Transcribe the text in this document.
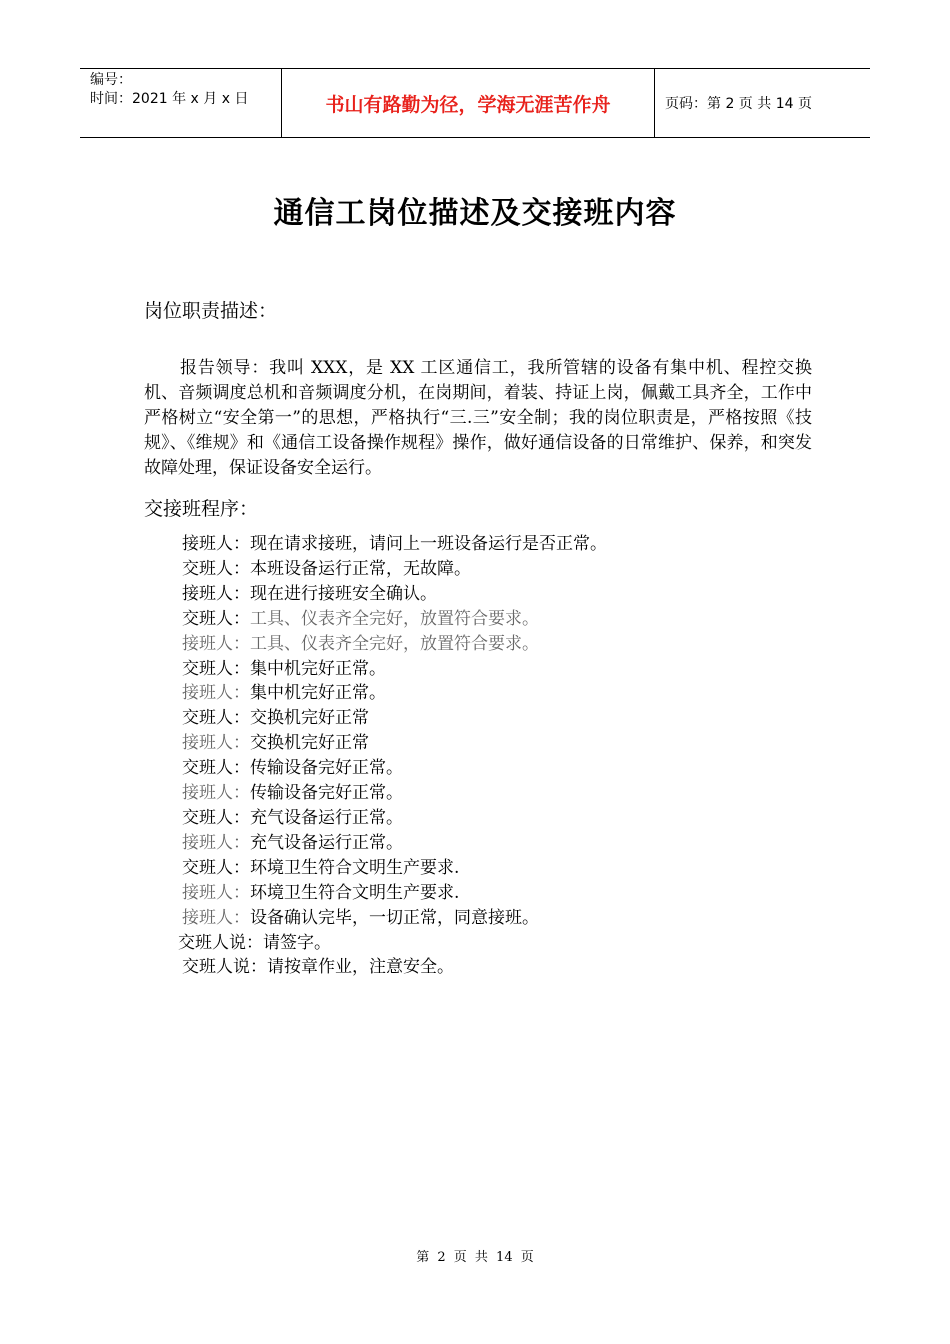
编号：
时间：2021 年 x 月 x 日	书山有路勤为径，学海无涯苦作舟	页码：第 2 页 共 14 页
通信工岗位描述及交接班内容
岗位职责描述：
报告领导：我叫 XXX，是 XX 工区通信工，我所管辖的设备有集中机、程控交换机、音频调度总机和音频调度分机，在岗期间，着装、持证上岗，佩戴工具齐全，工作中严格树立“安全第一”的思想，严格执行“三.三”安全制；我的岗位职责是，严格按照《技规》、《维规》和《通信工设备操作规程》操作，做好通信设备的日常维护、保养，和突发故障处理，保证设备安全运行。
交接班程序：
接班人：现在请求接班，请问上一班设备运行是否正常。
交班人：本班设备运行正常，无故障。
接班人：现在进行接班安全确认。
交班人：工具、仪表齐全完好，放置符合要求。
接班人：工具、仪表齐全完好，放置符合要求。
交班人：集中机完好正常。
接班人：集中机完好正常。
交班人：交换机完好正常
接班人：交换机完好正常
交班人：传输设备完好正常。
接班人：传输设备完好正常。
交班人：充气设备运行正常。
接班人：充气设备运行正常。
交班人：环境卫生符合文明生产要求.
接班人：环境卫生符合文明生产要求.
接班人：设备确认完毕，一切正常，同意接班。
交班人说：请签字。
交班人说：请按章作业，注意安全。
第 2 页 共 14 页
